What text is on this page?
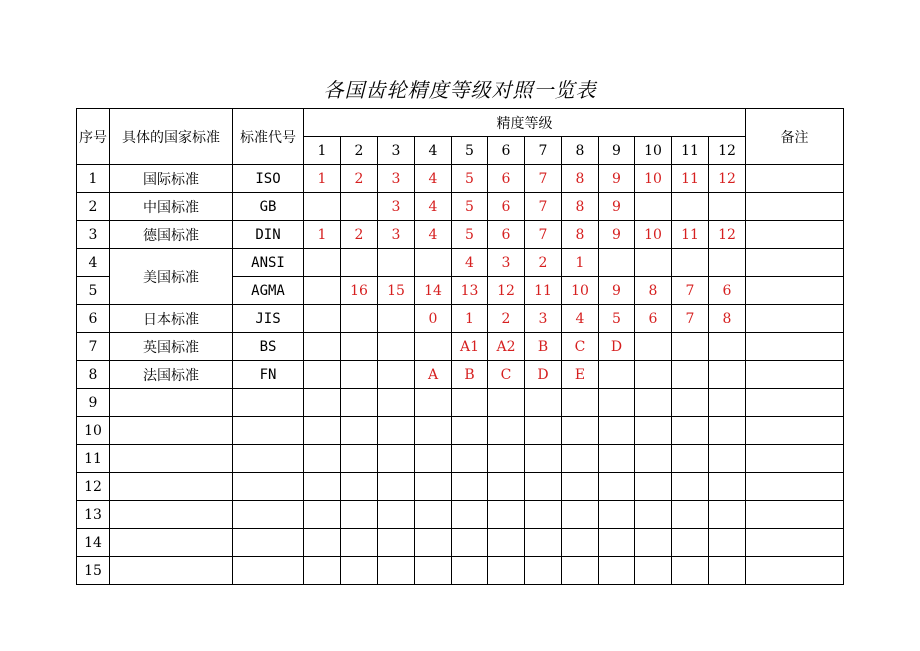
各国齿轮精度等级对照一览表
序号	具体的国家标准	标准代号	精度等级												备注
			1	2	3	4	5	6	7	8	9	10	11	12	
1	国际标准	ISO	1	2	3	4	5	6	7	8	9	10	11	12	
2	中国标准	GB			3	4	5	6	7	8	9				
3	德国标准	DIN	1	2	3	4	5	6	7	8	9	10	11	12	
4	美国标准	ANSI					4	3	2	1					
5		AGMA		16	15	14	13	12	11	10	9	8	7	6	
6	日本标准	JIS				0	1	2	3	4	5	6	7	8	
7	英国标准	BS					A1	A2	B	C	D				
8	法国标准	FN				A	B	C	D	E					
9															
10															
11															
12															
13															
14															
15															
